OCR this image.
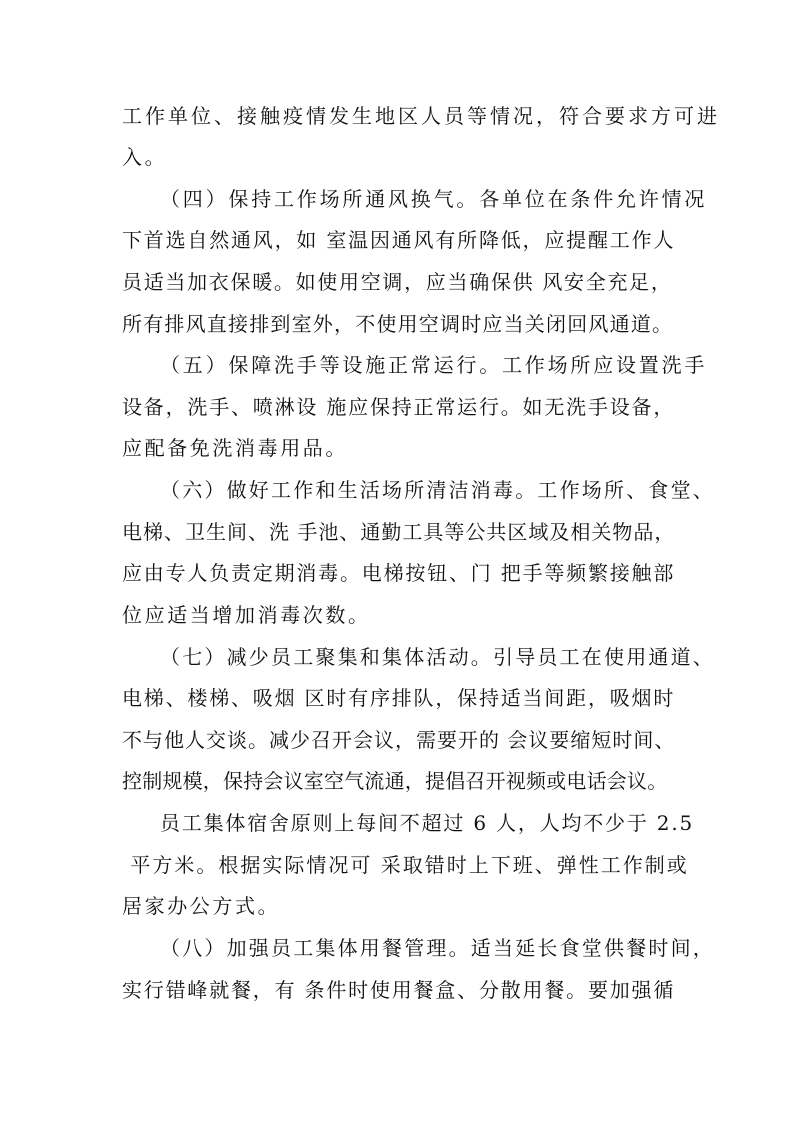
工作单位、接触疫情发生地区人员等情况，符合要求方可进
入。
（四）保持工作场所通风换气。各单位在条件允许情况
下首选自然通风，如 室温因通风有所降低，应提醒工作人
员适当加衣保暖。如使用空调，应当确保供 风安全充足，
所有排风直接排到室外，不使用空调时应当关闭回风通道。
（五）保障洗手等设施正常运行。工作场所应设置洗手
设备，洗手、喷淋设 施应保持正常运行。如无洗手设备，
应配备免洗消毒用品。
（六）做好工作和生活场所清洁消毒。工作场所、食堂、
电梯、卫生间、洗 手池、通勤工具等公共区域及相关物品，
应由专人负责定期消毒。电梯按钮、门 把手等频繁接触部
位应适当增加消毒次数。
（七）减少员工聚集和集体活动。引导员工在使用通道、
电梯、楼梯、吸烟 区时有序排队，保持适当间距，吸烟时
不与他人交谈。减少召开会议，需要开的 会议要缩短时间、
控制规模，保持会议室空气流通，提倡召开视频或电话会议。
员工集体宿舍原则上每间不超过 6 人，人均不少于 2.5
平方米。根据实际情况可 采取错时上下班、弹性工作制或
居家办公方式。
（八）加强员工集体用餐管理。适当延长食堂供餐时间，
实行错峰就餐，有 条件时使用餐盒、分散用餐。要加强循
